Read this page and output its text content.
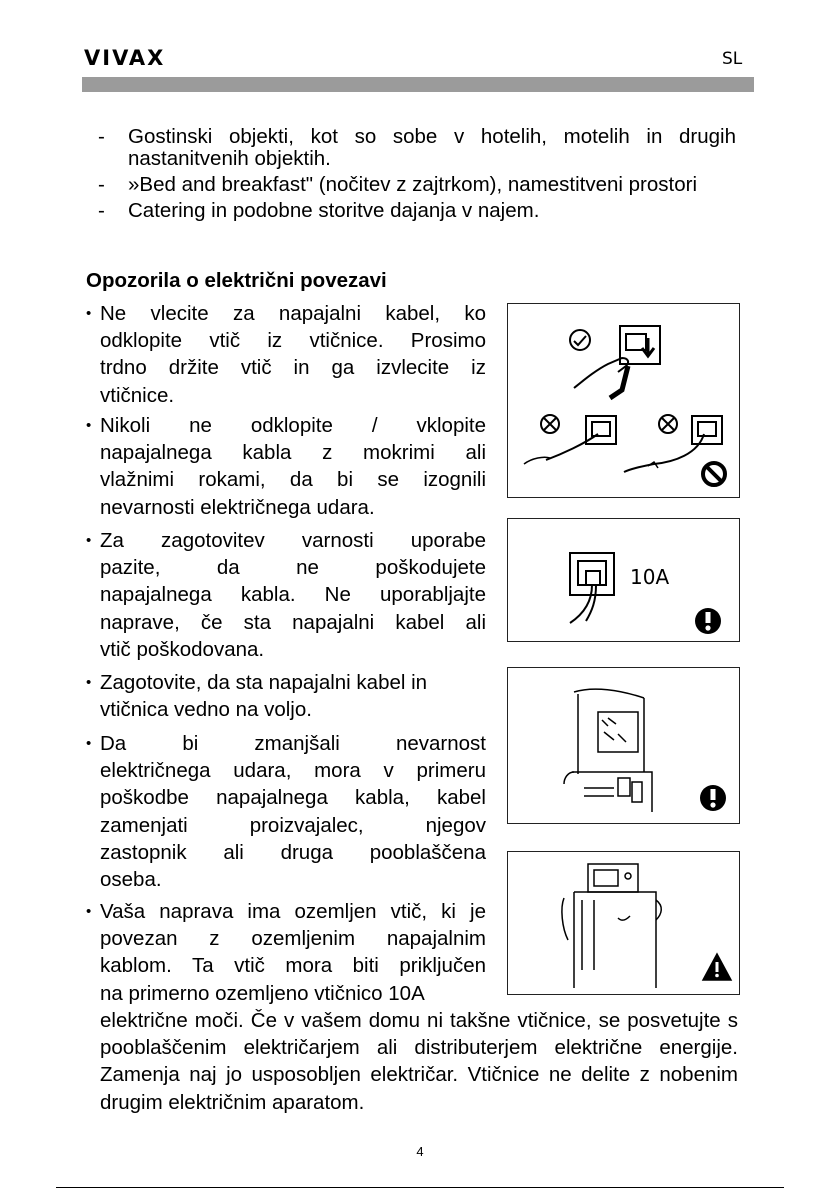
VIVAX	SL
- Gostinski objekti, kot so sobe v hotelih, motelih in drugih nastanitvenih objektih.
- »Bed and breakfast" (nočitev z zajtrkom), namestitveni prostori
- Catering in podobne storitve dajanja v najem.
Opozorila o električni povezavi
• Ne vlecite za napajalni kabel, ko
odklopite vtič iz vtičnice. Prosimo
trdno držite vtič in ga izvlecite iz
vtičnice.
• Nikoli ne odklopite / vklopite
napajalnega kabla z mokrimi ali
vlažnimi rokami, da bi se izognili
nevarnosti električnega udara.
• Za zagotovitev varnosti uporabe
pazite, da ne poškodujete
napajalnega kabla. Ne uporabljajte
naprave, če sta napajalni kabel ali
vtič poškodovana.
• Zagotovite, da sta napajalni kabel in
vtičnica vedno na voljo.
• Da bi zmanjšali nevarnost
električnega udara, mora v primeru
poškodbe napajalnega kabla, kabel
zamenjati proizvajalec, njegov
zastopnik ali druga pooblaščena
oseba.
• Vaša naprava ima ozemljen vtič, ki je
povezan z ozemljenim napajalnim
kablom. Ta vtič mora biti priključen
na primerno ozemljeno vtičnico 10A
električne moči. Če v vašem domu ni takšne vtičnice, se posvetujte s pooblaščenim električarjem ali distributerjem električne energije. Zamenja naj jo usposobljen električar. Vtičnice ne delite z nobenim drugim električnim aparatom.
10A
4
